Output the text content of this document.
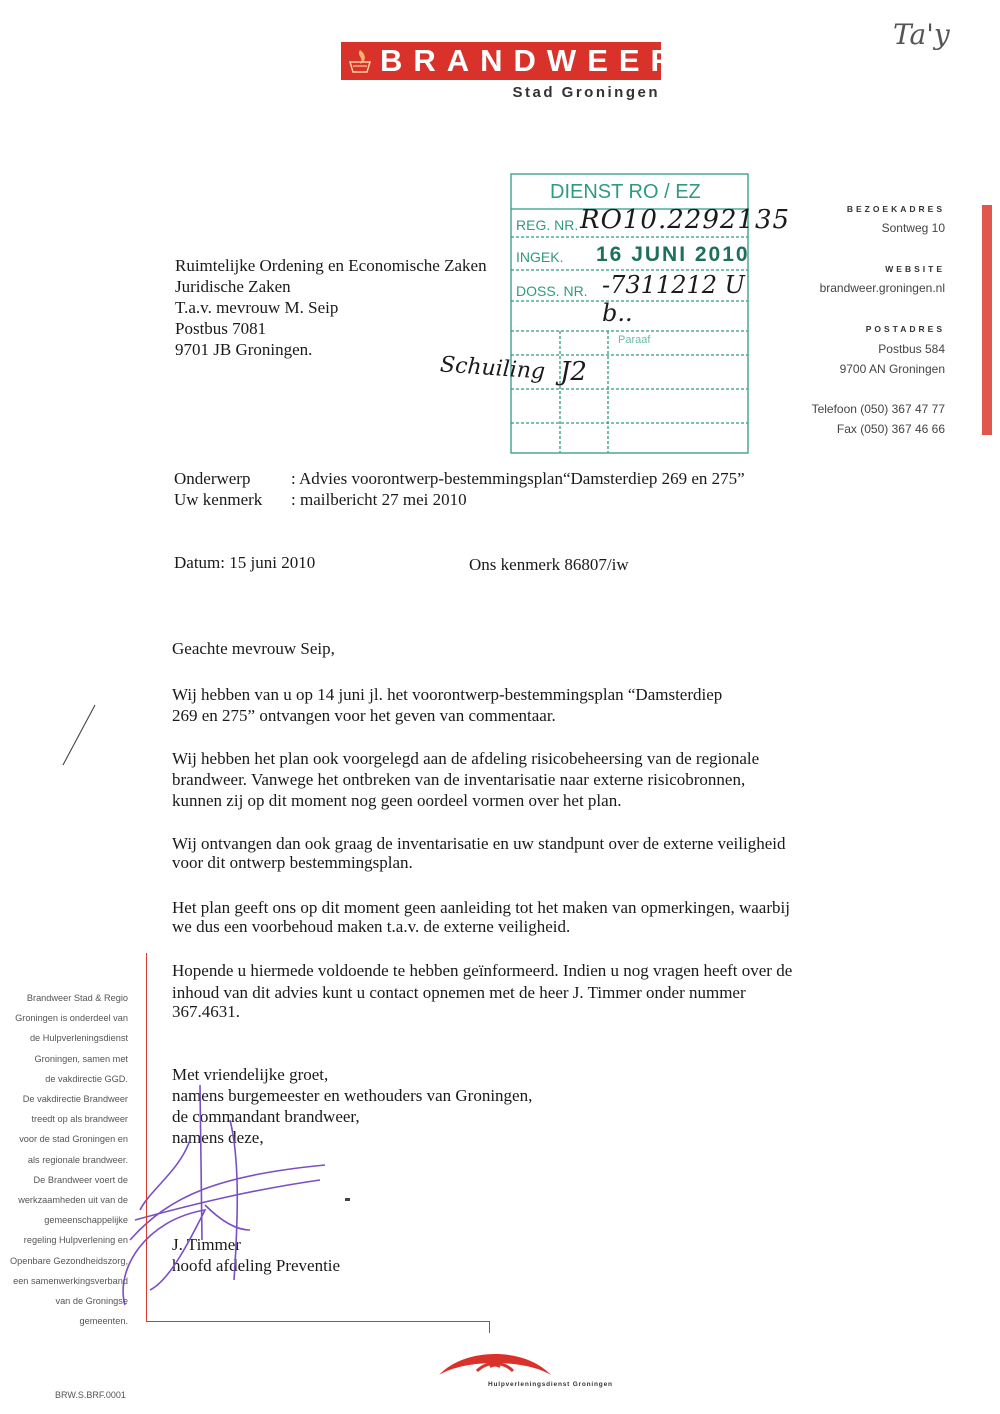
BRANDWEER
Stad Groningen
Ta'y
BEZOEKADRES
Sontweg 10
WEBSITE
brandweer.groningen.nl
POSTADRES
Postbus 584
9700 AN Groningen
Telefoon (050) 367 47 77
Fax (050) 367 46 66
Ruimtelijke Ordening en Economische Zaken
Juridische Zaken
T.a.v. mevrouw M. Seip
Postbus 7081
9701 JB Groningen.
DIENST RO / EZ
REG. NR. RO10.2292135
INGEK. 16 JUNI 2010
DOSS. NR. -7311212 U b..
Paraaf
J2
Schuiling
Onderwerp : Advies voorontwerp-bestemmingsplan“Damsterdiep 269 en 275”
Uw kenmerk : mailbericht 27 mei 2010
Datum: 15 juni 2010	Ons kenmerk 86807/iw
Geachte mevrouw Seip,
Wij hebben van u op 14 juni jl. het voorontwerp-bestemmingsplan “Damsterdiep
269 en 275” ontvangen voor het geven van commentaar.
Wij hebben het plan ook voorgelegd aan de afdeling risicobeheersing van de regionale
brandweer. Vanwege het ontbreken van de inventarisatie naar externe risicobronnen,
kunnen zij op dit moment nog geen oordeel vormen over het plan.
Wij ontvangen dan ook graag de inventarisatie en uw standpunt over de externe veiligheid
voor dit ontwerp bestemmingsplan.
Het plan geeft ons op dit moment geen aanleiding tot het maken van opmerkingen, waarbij
we dus een voorbehoud maken t.a.v. de externe veiligheid.
Hopende u hiermede voldoende te hebben geïnformeerd. Indien u nog vragen heeft over de
inhoud van dit advies kunt u contact opnemen met de heer J. Timmer onder nummer
367.4631.
Met vriendelijke groet,
namens burgemeester en wethouders van Groningen,
de commandant brandweer,
namens deze,
J. Timmer
hoofd afdeling Preventie
Brandweer Stad & Regio
Groningen is onderdeel van
de Hulpverleningsdienst
Groningen, samen met
de vakdirectie GGD.
De vakdirectie Brandweer
treedt op als brandweer
voor de stad Groningen en
als regionale brandweer.
De Brandweer voert de
werkzaamheden uit van de
gemeenschappelijke
regeling Hulpverlening en
Openbare Gezondheidszorg,
een samenwerkingsverband
van de Groningse
gemeenten.
Hulpverleningsdienst Groningen
BRW.S.BRF.0001
